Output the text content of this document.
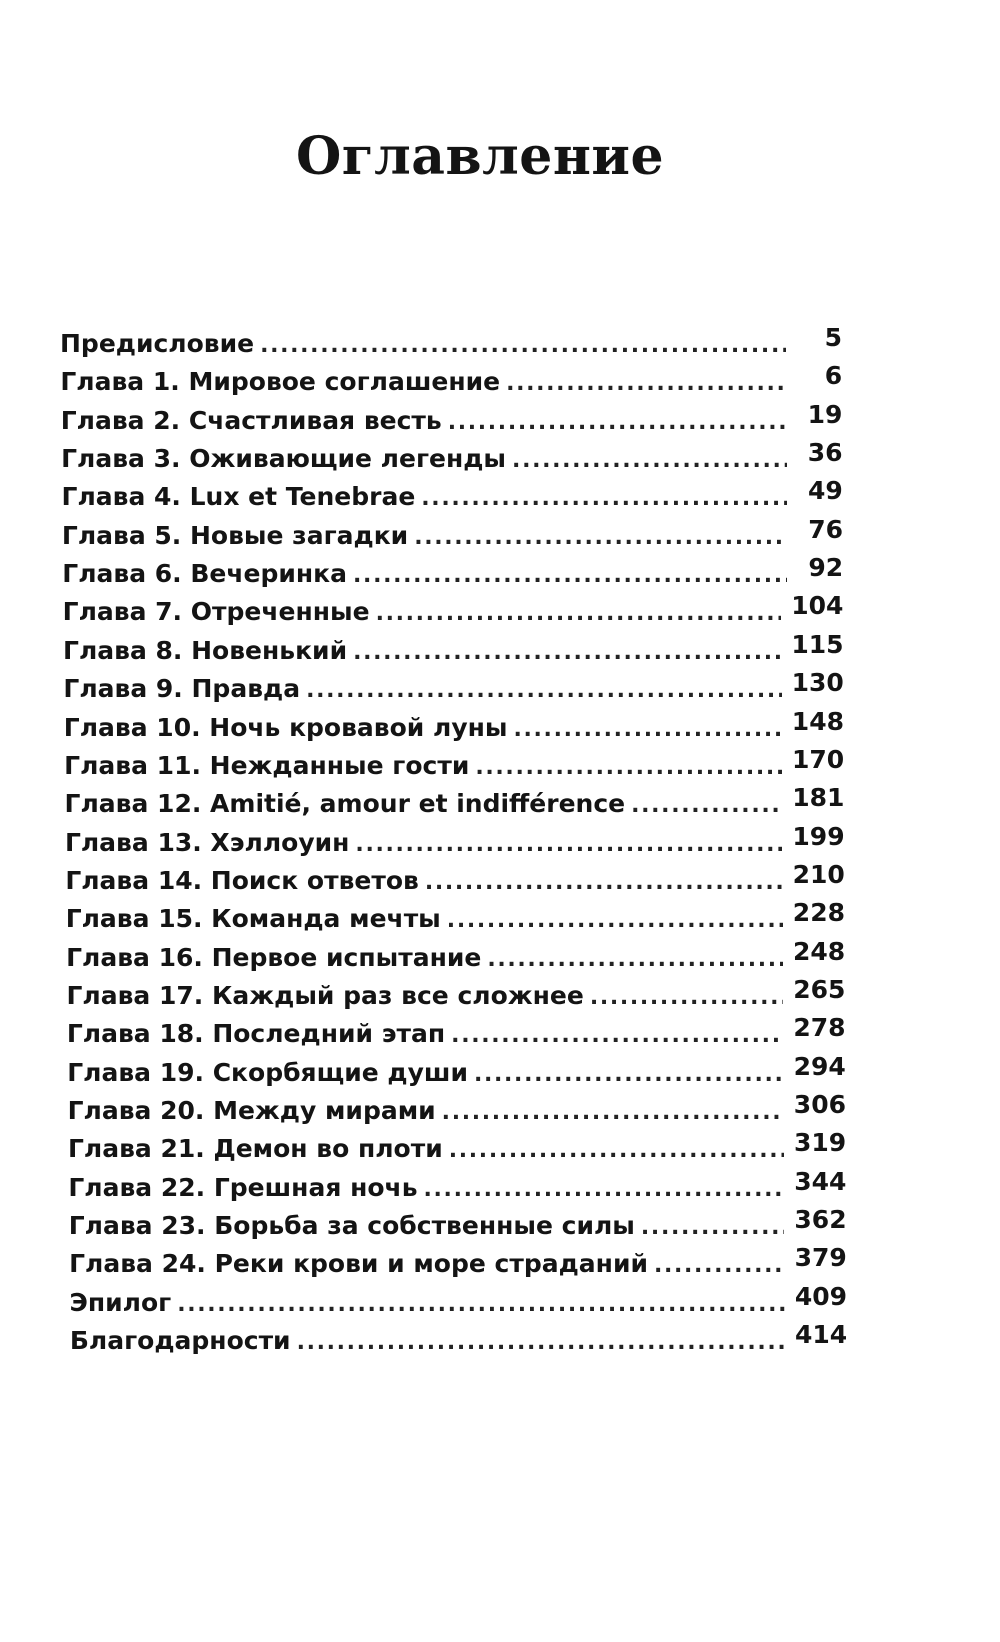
Оглавление
Предисловие . . .	5
Глава 1. Мировое соглашение . . .	6
Глава 2. Счастливая весть . . .	19
Глава 3. Оживающие легенды . . .	36
Глава 4. Lux et Tenebrae . . .	49
Глава 5. Новые загадки . . .	76
Глава 6. Вечеринка . . .	92
Глава 7. Отреченные . . .	104
Глава 8. Новенький . . .	115
Глава 9. Правда . . .	130
Глава 10. Ночь кровавой луны . . .	148
Глава 11. Нежданные гости . . .	170
Глава 12. Amitié, amour et indifférence . . .	181
Глава 13. Хэллоуин . . .	199
Глава 14. Поиск ответов . . .	210
Глава 15. Команда мечты . . .	228
Глава 16. Первое испытание . . .	248
Глава 17. Каждый раз все сложнее . . .	265
Глава 18. Последний этап . . .	278
Глава 19. Скорбящие души . . .	294
Глава 20. Между мирами . . .	306
Глава 21. Демон во плоти . . .	319
Глава 22. Грешная ночь . . .	344
Глава 23. Борьба за собственные силы . . .	362
Глава 24. Реки крови и море страданий . . .	379
Эпилог . . .	409
Благодарности . . .	414
